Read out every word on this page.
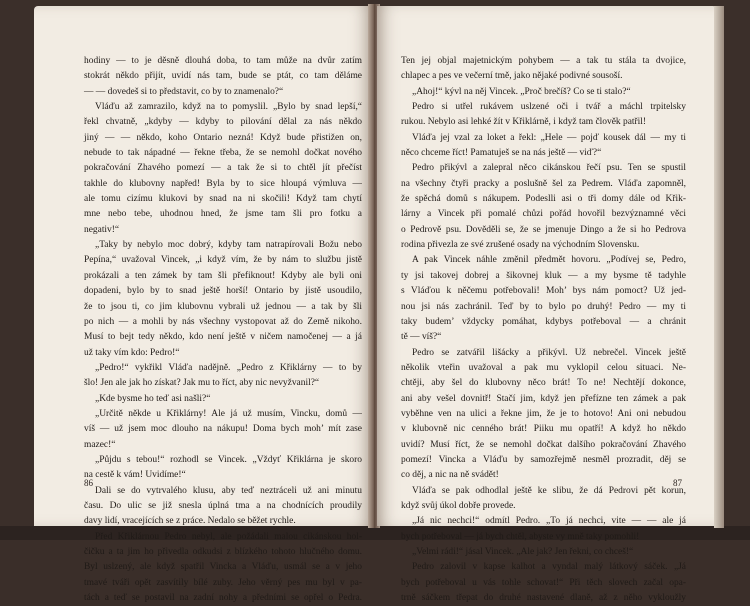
hodiny — to je děsně dlouhá doba, to tam může na dvůr zatím
stokrát někdo přijít, uvidí nás tam, bude se ptát, co tam děláme
— — dovedeš si to představit, co by to znamenalo?“
Vláďu až zamrazilo, když na to pomyslil. „Bylo by snad lepší,“
řekl chvatně, „kdyby — kdyby to pilování dělal za nás někdo
jiný — — někdo, koho Ontario nezná! Když bude přistižen on,
nebude to tak nápadné — řekne třeba, že se nemohl dočkat nového
pokračování Zhavého pomezí — a tak že si to chtěl jít přečíst
takhle do klubovny napřed! Byla by to sice hloupá výmluva —
ale tomu cizímu klukovi by snad na ni skočili! Když tam chytí
mne nebo tebe, uhodnou hned, že jsme tam šli pro fotku a
negativ!“
„Taky by nebylo moc dobrý, kdyby tam natrapírovali Božu nebo
Pepína,“ uvažoval Vincek, „i když vím, že by nám to službu jistě
prokázali a ten zámek by tam šli přefiknout! Kdyby ale byli oni
dopadeni, bylo by to snad ještě horší! Ontario by jistě usoudilo,
že to jsou ti, co jim klubovnu vybrali už jednou — a tak by šli
po nich — a mohli by nás všechny vystopovat až do Země nikoho.
Musí to bejt tedy někdo, kdo není ještě v ničem namočenej — a já
už taky vím kdo: Pedro!“
„Pedro!“ vykřikl Vláďa nadějně. „Pedro z Křiklárny — to by
šlo! Jen ale jak ho získat? Jak mu to říct, aby nic nevyžvanil?“
„Kde bysme ho teď asi našli?“
„Určitě někde u Křiklárny! Ale já už musím, Vincku, domů —
víš — už jsem moc dlouho na nákupu! Doma bych moh’ mít zase
mazec!“
„Půjdu s tebou!“ rozhodl se Vincek. „Vždyť Křiklárna je skoro
na cestě k vám! Uvidíme!“
Dali se do vytrvalého klusu, aby teď neztráceli už ani minutu
času. Do ulic se již snesla úplná tma a na chodnících proudily
davy lidí, vracejících se z práce. Nedalo se běžet rychle.
Před Křiklárnou Pedro nebyl, ale požádali malou cikánskou hol-
čičku a ta jim ho přivedla odkudsi z blízkého tohoto hlučného domu.
Byl uslzený, ale když spatřil Vincka a Vláďu, usmál se a v jeho
tmavé tváři opět zasvítily bílé zuby. Jeho věrný pes mu byl v pa-
tách a teď se postavil na zadní nohy a předními se opřel o Pedra.
86
Ten jej objal majetnickým pohybem — a tak tu stála ta dvojice,
chlapec a pes ve večerní tmě, jako nějaké podivné sousoší.
„Ahoj!“ kývl na něj Vincek. „Proč brečíš? Co se ti stalo?“
Pedro si utřel rukávem uslzené oči i tvář a máchl trpitelsky
rukou. Nebylo asi lehké žít v Křiklárně, i když tam člověk patřil!
Vláďa jej vzal za loket a řekl: „Hele — pojď kousek dál — my ti
něco chceme říct! Pamatuješ se na nás ještě — viď?“
Pedro přikývl a zalepral něco cikánskou řečí psu. Ten se spustil
na všechny čtyři pracky a poslušně šel za Pedrem. Vláďa zapomněl,
že spěchá domů s nákupem. Podeslli asi o tři domy dále od Křik-
lárny a Vincek při pomalé chůzi pořád hovořil bezvýznamné věci
o Pedrově psu. Dověděli se, že se jmenuje Dingo a že si ho Pedrova
rodina přivezla ze své zrušené osady na východním Slovensku.
A pak Vincek náhle změnil předmět hovoru. „Podívej se, Pedro,
ty jsi takovej dobrej a šikovnej kluk — a my bysme tě tadyhle
s Vláďou k něčemu potřebovali! Moh’ bys nám pomoct? Už jed-
nou jsi nás zachránil. Teď by to bylo po druhý! Pedro — my ti
taky budem’ vždycky pomáhat, kdybys potřeboval — a chránit
tě — víš?“
Pedro se zatvářil lišácky a přikývl. Už nebrečel. Vincek ještě
několik vteřin uvažoval a pak mu vyklopil celou situaci. Ne-
chtěji, aby šel do klubovny něco brát! To ne! Nechtějí dokonce,
ani aby vešel dovnitř! Stačí jim, když jen přefízne ten zámek a pak
vyběhne ven na ulici a řekne jim, že je to hotovo! Ani oni nebudou
v klubovně nic cenného brát! Piiku mu opatří! A když ho někdo
uvidí? Musí říct, že se nemohl dočkat dalšího pokračování Zhavého
pomezí! Vincka a Vláďu by samozřejmě nesměl prozradit, děj se
co děj, a nic na ně svádět!
Vláďa se pak odhodlal ještě ke slibu, že dá Pedrovi pět korun,
když svůj úkol dobře provede.
„Já nic nechci!“ odmítl Pedro. „To já nechci, vite — — ale já
bych potřeboval — já bych chtěl, abyste vy mně taky pomohli!
„Velmi rádi!“ jásal Vincek. „Ale jak? Jen řekni, co chceš!“
Pedro zalovil v kapse kalhot a vyndal malý látkový sáček. „Já
bych potřeboval u vás tohle schovat!“ Při těch slovech začal opa-
trně sáčkem třepat do druhé nastavené dlaně, až z něho vykloužly
87
